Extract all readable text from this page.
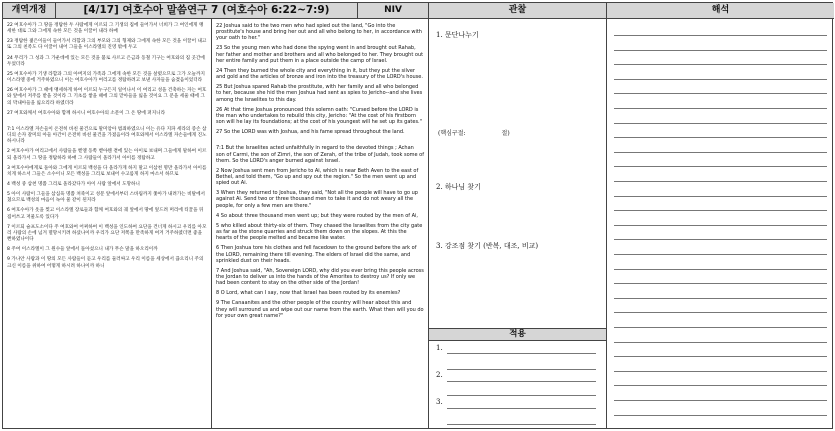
개역개정	[4/17] 여호수아 말씀연구 7 (여호수아 6:22~7:9)	NIV	관찰	해석

22 여호수아가 그 땅을 정탐한 두 사람에게 이르되 그 기생의 집에 들어가서 너희가 그 여인에게 맹세한 대로 그와 그에게 속한 모든 것을 이끌어 내라 하매

23 정탐한 젊은이들이 들어가서 라합과 그의 부모와 그의 형제와 그에게 속한 모든 것을 이끌어 내고 또 그의 친족도 다 이끌어 내어 그들을 이스라엘의 진영 밖에 두고

24 무리가 그 성과 그 가운데에 있는 모든 것을 불로 사르고 은금과 동철 기구는 여호와의 집 곳간에 두었더라

25 여호수아가 기생 라합과 그의 아버지의 가족과 그에게 속한 모든 것을 살렸으므로 그가 오늘까지 이스라엘 중에 거주하였으니 이는 여호수아가 여리고를 정탐하려고 보낸 사자들을 숨겼음이었더라

26 여호수아가 그 때에 맹세하게 하여 이르되 누구든지 일어나서 이 여리고 성을 건축하는 자는 여호와 앞에서 저주를 받을 것이라 그 기초를 쌓을 때에 그의 맏아들을 잃을 것이요 그 문을 세울 때에 그의 막내아들을 잃으리라 하였더라

27 여호와께서 여호수아와 함께 하시니 여호수아의 소문이 그 온 땅에 퍼지니라

7:1 이스라엘 자손들이 온전히 바친 물건으로 말미암아 범죄하였으니 이는 유다 지파 세라의 증손 삽디의 손자 갈미의 아들 아간이 온전히 바친 물건을 가졌음이라 여호와께서 이스라엘 자손들에게 진노하시니라

2 여호수아가 여리고에서 사람들을 벧엘 동쪽 벧아웬 곁에 있는 아이로 보내며 그들에게 말하여 이르되 올라가서 그 땅을 정탐하라 하매 그 사람들이 올라가서 아이를 정탐하고

3 여호수아에게로 돌아와 그에게 이르되 백성을 다 올라가게 하지 말고 이삼천 명만 올라가서 아이를 치게 하소서 그들은 소수이니 모든 백성을 그리로 보내어 수고롭게 하지 마소서 하므로

4 백성 중 삼천 명쯤 그리로 올라갔다가 아이 사람 앞에서 도망하니

5 아이 사람이 그들을 삼십육 명쯤 쳐죽이고 성문 앞에서부터 스바림까지 쫓아가 내려가는 비탈에서 쳤으므로 백성의 마음이 녹아 물 같이 된지라

6 여호수아가 옷을 찢고 이스라엘 장로들과 함께 여호와의 궤 앞에서 땅에 엎드려 머리에 티끌을 뒤집어쓰고 저물도록 있다가

7 이르되 슬프도소이다 주 여호와여 어찌하여 이 백성을 인도하여 요단을 건너게 하시고 우리를 아모리 사람의 손에 넘겨 멸망시키려 하셨나이까 우리가 요단 저쪽을 만족하게 여겨 거주하였더면 좋을 뻔하였나이다

8 주여 이스라엘이 그 원수들 앞에서 돌아섰으니 내가 무슨 말을 하오리이까

9 가나안 사람과 이 땅의 모든 사람들이 듣고 우리를 둘러싸고 우리 이름을 세상에서 끊으리니 주의 크신 이름을 위하여 어떻게 하시려 하나이까 하니

22 Joshua said to the two men who had spied out the land, "Go into the prostitute's house and bring her out and all who belong to her, in accordance with your oath to her."

23 So the young men who had done the spying went in and brought out Rahab, her father and mother and brothers and all who belonged to her. They brought out her entire family and put them in a place outside the camp of Israel.

24 Then they burned the whole city and everything in it, but they put the silver and gold and the articles of bronze and iron into the treasury of the LORD's house.

25 But Joshua spared Rahab the prostitute, with her family and all who belonged to her, because she hid the men Joshua had sent as spies to Jericho--and she lives among the Israelites to this day.

26 At that time Joshua pronounced this solemn oath: "Cursed before the LORD is the man who undertakes to rebuild this city, Jericho: "At the cost of his firstborn son will he lay its foundations; at the cost of his youngest will he set up its gates."

27 So the LORD was with Joshua, and his fame spread throughout the land.

7:1 But the Israelites acted unfaithfully in regard to the devoted things ; Achan son of Carmi, the son of Zimri, the son of Zerah, of the tribe of Judah, took some of them. So the LORD's anger burned against Israel.

2 Now Joshua sent men from Jericho to Ai, which is near Beth Aven to the east of Bethel, and told them, "Go up and spy out the region." So the men went up and spied out Ai.

3 When they returned to Joshua, they said, "Not all the people will have to go up against Ai. Send two or three thousand men to take it and do not weary all the people, for only a few men are there."

4 So about three thousand men went up; but they were routed by the men of Ai,

5 who killed about thirty-six of them. They chased the Israelites from the city gate as far as the stone quarries and struck them down on the slopes. At this the hearts of the people melted and became like water.

6 Then Joshua tore his clothes and fell facedown to the ground before the ark of the LORD, remaining there till evening. The elders of Israel did the same, and sprinkled dust on their heads.

7 And Joshua said, "Ah, Sovereign LORD, why did you ever bring this people across the Jordan to deliver us into the hands of the Amorites to destroy us? If only we had been content to stay on the other side of the Jordan!

8 O Lord, what can I say, now that Israel has been routed by its enemies?

9 The Canaanites and the other people of the country will hear about this and they will surround us and wipe out our name from the earth. What then will you do for your own great name?"

1. 문단나누기
(핵심구절:	절)
2. 하나님 찾기
3. 강조점 찾기 (반복, 대조, 비교)
적용
1.
2.
3.
